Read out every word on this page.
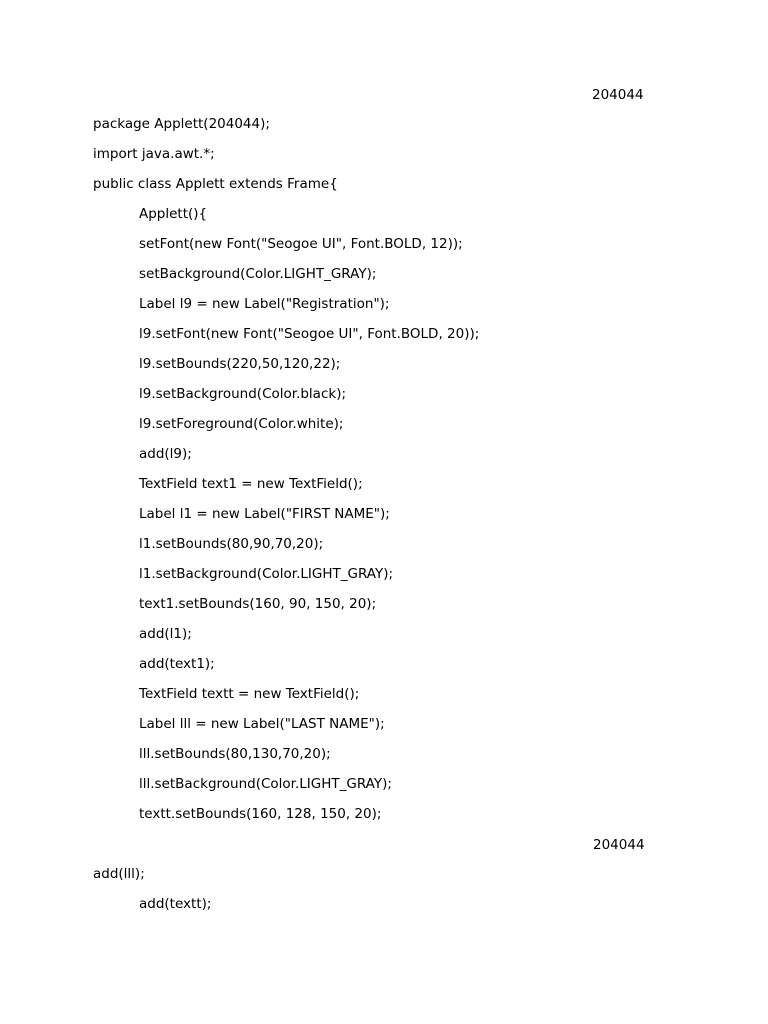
204044
package Applett(204044);
import java.awt.*;
public class Applett extends Frame{
Applett(){
setFont(new Font("Seogoe UI", Font.BOLD, 12));
setBackground(Color.LIGHT_GRAY);
Label l9 = new Label("Registration");
l9.setFont(new Font("Seogoe UI", Font.BOLD, 20));
l9.setBounds(220,50,120,22);
l9.setBackground(Color.black);
l9.setForeground(Color.white);
add(l9);
TextField text1 = new TextField();
Label l1 = new Label("FIRST NAME");
l1.setBounds(80,90,70,20);
l1.setBackground(Color.LIGHT_GRAY);
text1.setBounds(160, 90, 150, 20);
add(l1);
add(text1);
TextField textt = new TextField();
Label lll = new Label("LAST NAME");
lll.setBounds(80,130,70,20);
lll.setBackground(Color.LIGHT_GRAY);
textt.setBounds(160, 128, 150, 20);
204044
add(lll);
add(textt);
